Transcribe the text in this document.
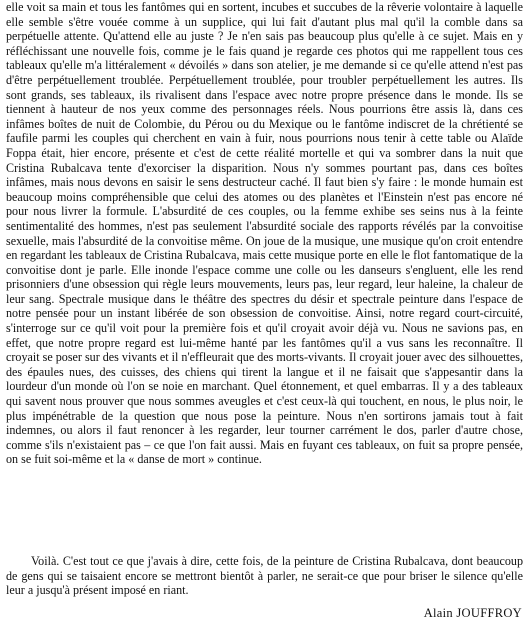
elle voit sa main et tous les fantômes qui en sortent, incubes et succubes de la rêverie volontaire à laquelle elle semble s'être vouée comme à un supplice, qui lui fait d'autant plus mal qu'il la comble dans sa perpétuelle attente. Qu'attend elle au juste ? Je n'en sais pas beaucoup plus qu'elle à ce sujet. Mais en y réfléchissant une nouvelle fois, comme je le fais quand je regarde ces photos qui me rappellent tous ces tableaux qu'elle m'a littéralement « dévoilés » dans son atelier, je me demande si ce qu'elle attend n'est pas d'être perpétuellement troublée. Perpétuellement troublée, pour troubler perpétuellement les autres. Ils sont grands, ses tableaux, ils rivalisent dans l'espace avec notre propre présence dans le monde. Ils se tiennent à hauteur de nos yeux comme des personnages réels. Nous pourrions être assis là, dans ces infâmes boîtes de nuit de Colombie, du Pérou ou du Mexique ou le fantôme indiscret de la chrétienté se faufile parmi les couples qui cherchent en vain à fuir, nous pourrions nous tenir à cette table ou Alaïde Foppa était, hier encore, présente et c'est de cette réalité mortelle et qui va sombrer dans la nuit que Cristina Rubalcava tente d'exorciser la disparition. Nous n'y sommes pourtant pas, dans ces boîtes infâmes, mais nous devons en saisir le sens destructeur caché. Il faut bien s'y faire : le monde humain est beaucoup moins compréhensible que celui des atomes ou des planètes et l'Einstein n'est pas encore né pour nous livrer la formule. L'absurdité de ces couples, ou la femme exhibe ses seins nus à la feinte sentimentalité des hommes, n'est pas seulement l'absurdité sociale des rapports révélés par la convoitise sexuelle, mais l'absurdité de la convoitise même. On joue de la musique, une musique qu'on croit entendre en regardant les tableaux de Cristina Rubalcava, mais cette musique porte en elle le flot fantomatique de la convoitise dont je parle. Elle inonde l'espace comme une colle ou les danseurs s'engluent, elle les rend prisonniers d'une obsession qui règle leurs mouvements, leurs pas, leur regard, leur haleine, la chaleur de leur sang. Spectrale musique dans le théâtre des spectres du désir et spectrale peinture dans l'espace de notre pensée pour un instant libérée de son obsession de convoitise. Ainsi, notre regard court-circuité, s'interroge sur ce qu'il voit pour la première fois et qu'il croyait avoir déjà vu. Nous ne savions pas, en effet, que notre propre regard est lui-même hanté par les fantômes qu'il a vus sans les reconnaître. Il croyait se poser sur des vivants et il n'effleurait que des morts-vivants. Il croyait jouer avec des silhouettes, des épaules nues, des cuisses, des chiens qui tirent la langue et il ne faisait que s'appesantir dans la lourdeur d'un monde où l'on se noie en marchant. Quel étonnement, et quel embarras. Il y a des tableaux qui savent nous prouver que nous sommes aveugles et c'est ceux-là qui touchent, en nous, le plus noir, le plus impénétrable de la question que nous pose la peinture. Nous n'en sortirons jamais tout à fait indemnes, ou alors il faut renoncer à les regarder, leur tourner carrément le dos, parler d'autre chose, comme s'ils n'existaient pas – ce que l'on fait aussi. Mais en fuyant ces tableaux, on fuit sa propre pensée, on se fuit soi-même et la « danse de mort » continue.

Voilà. C'est tout ce que j'avais à dire, cette fois, de la peinture de Cristina Rubalcava, dont beaucoup de gens qui se taisaient encore se mettront bientôt à parler, ne serait-ce que pour briser le silence qu'elle leur a jusqu'à présent imposé en riant.

Alain JOUFFROY
